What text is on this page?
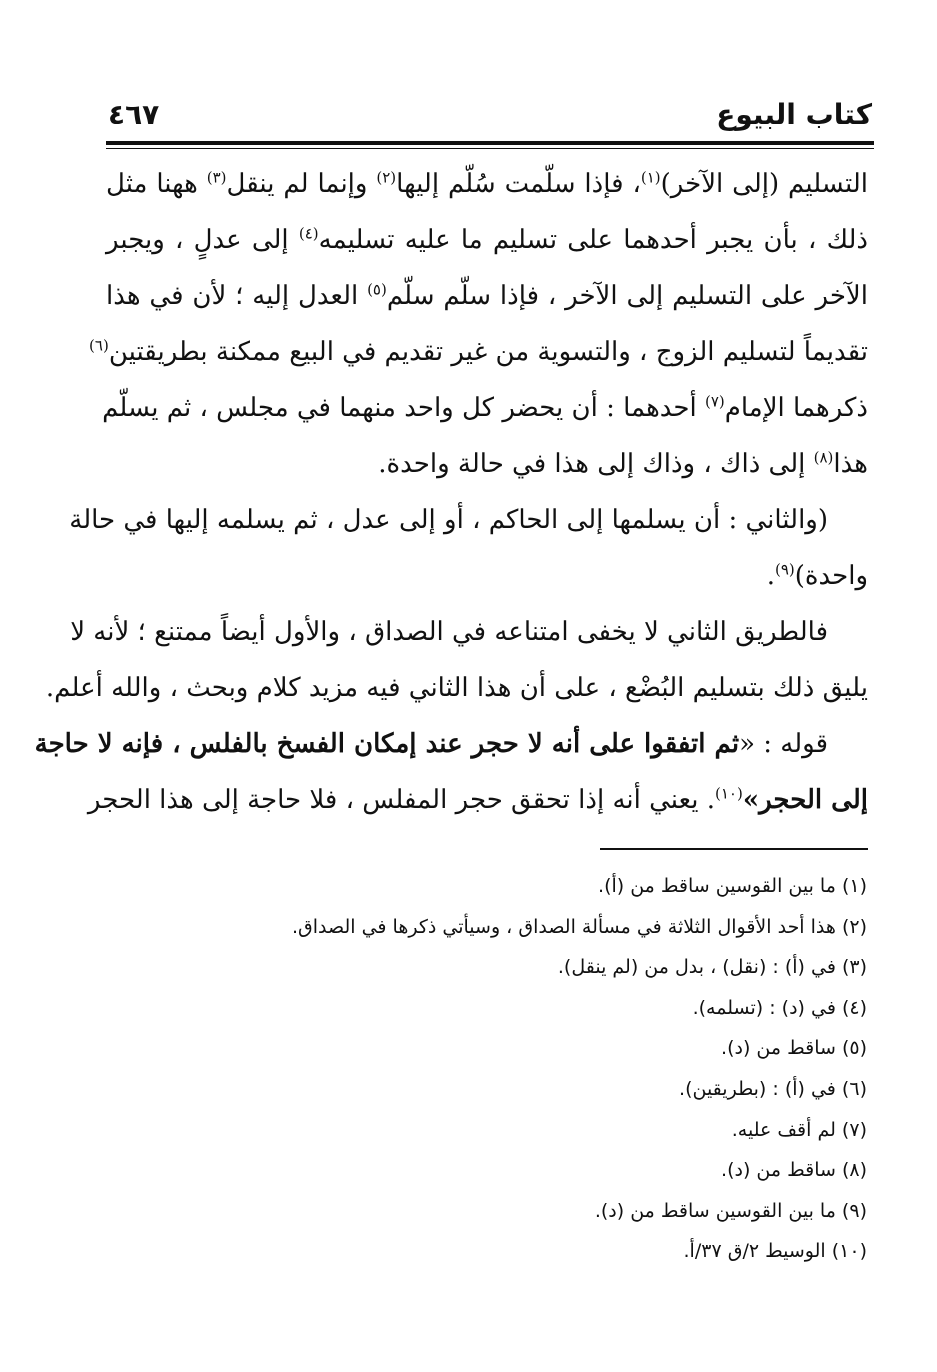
كتاب البيوع
٤٦٧
التسليم (إلى الآخر)$^{(١)}$، فإذا سلّمت سُلّم إليها$^{(٢)}$ وإنما لم ينقل$^{(٣)}$ ههنا مثل
ذلك ، بأن يجبر أحدهما على تسليم ما عليه تسليمه$^{(٤)}$ إلى عدلٍ ، ويجبر
الآخر على التسليم إلى الآخر ، فإذا سلّم سلّم$^{(٥)}$ العدل إليه ؛ لأن في هذا
تقديماً لتسليم الزوج ، والتسوية من غير تقديم في البيع ممكنة بطريقتين$^{(٦)}$
ذكرهما الإمام$^{(٧)}$ أحدهما : أن يحضر كل واحد منهما في مجلس ، ثم يسلّم
هذا$^{(٨)}$ إلى ذاك ، وذاك إلى هذا في حالة واحدة.
(والثاني : أن يسلمها إلى الحاكم ، أو إلى عدل ، ثم يسلمه إليها في حالة
واحدة)$^{(٩)}$.
فالطريق الثاني لا يخفى امتناعه في الصداق ، والأول أيضاً ممتنع ؛ لأنه لا
يليق ذلك بتسليم البُضْع ، على أن هذا الثاني فيه مزيد كلام وبحث ، والله أعلم.
قوله : «ثم اتفقوا على أنه لا حجر عند إمكان الفسخ بالفلس ، فإنه لا حاجة
إلى الحجر»$^{(١٠)}$. يعني أنه إذا تحقق حجر المفلس ، فلا حاجة إلى هذا الحجر
(١) ما بين القوسين ساقط من (أ).
(٢) هذا أحد الأقوال الثلاثة في مسألة الصداق ، وسيأتي ذكرها في الصداق.
(٣) في (أ) : (نقل) ، بدل من (لم ينقل).
(٤) في (د) : (تسلمه).
(٥) ساقط من (د).
(٦) في (أ) : (بطريقين).
(٧) لم أقف عليه.
(٨) ساقط من (د).
(٩) ما بين القوسين ساقط من (د).
(١٠) الوسيط ٢/ق ٣٧/أ.
